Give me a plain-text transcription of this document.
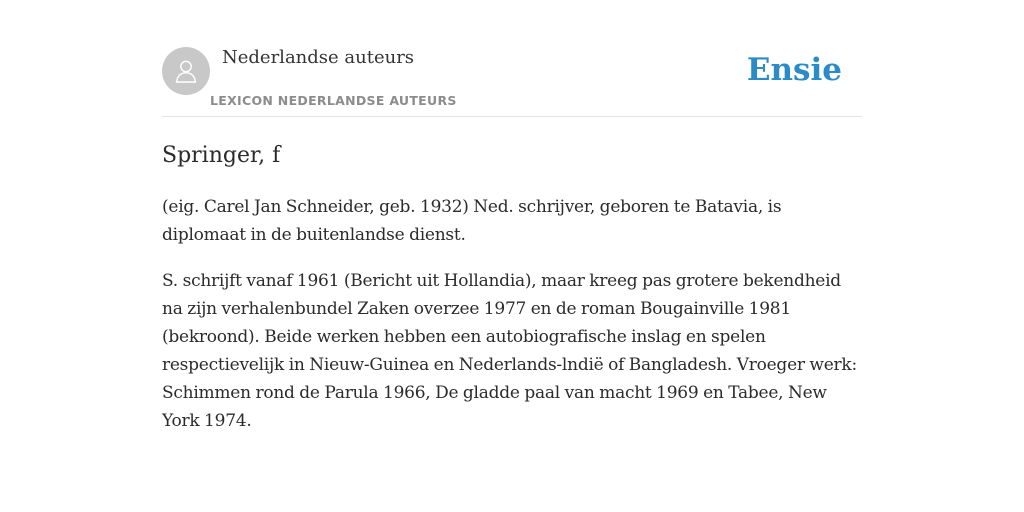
Nederlandse auteurs
LEXICON NEDERLANDSE AUTEURS
Ensie
Springer, f

(eig. Carel Jan Schneider, geb. 1932) Ned. schrijver, geboren te Batavia, is diplomaat in de buitenlandse dienst.

S. schrijft vanaf 1961 (Bericht uit Hollandia), maar kreeg pas grotere bekendheid na zijn verhalenbundel Zaken overzee 1977 en de roman Bougainville 1981 (bekroond). Beide werken hebben een autobiografische inslag en spelen respectievelijk in Nieuw-Guinea en Nederlands-lndië of Bangladesh. Vroeger werk: Schimmen rond de Parula 1966, De gladde paal van macht 1969 en Tabee, New York 1974.
